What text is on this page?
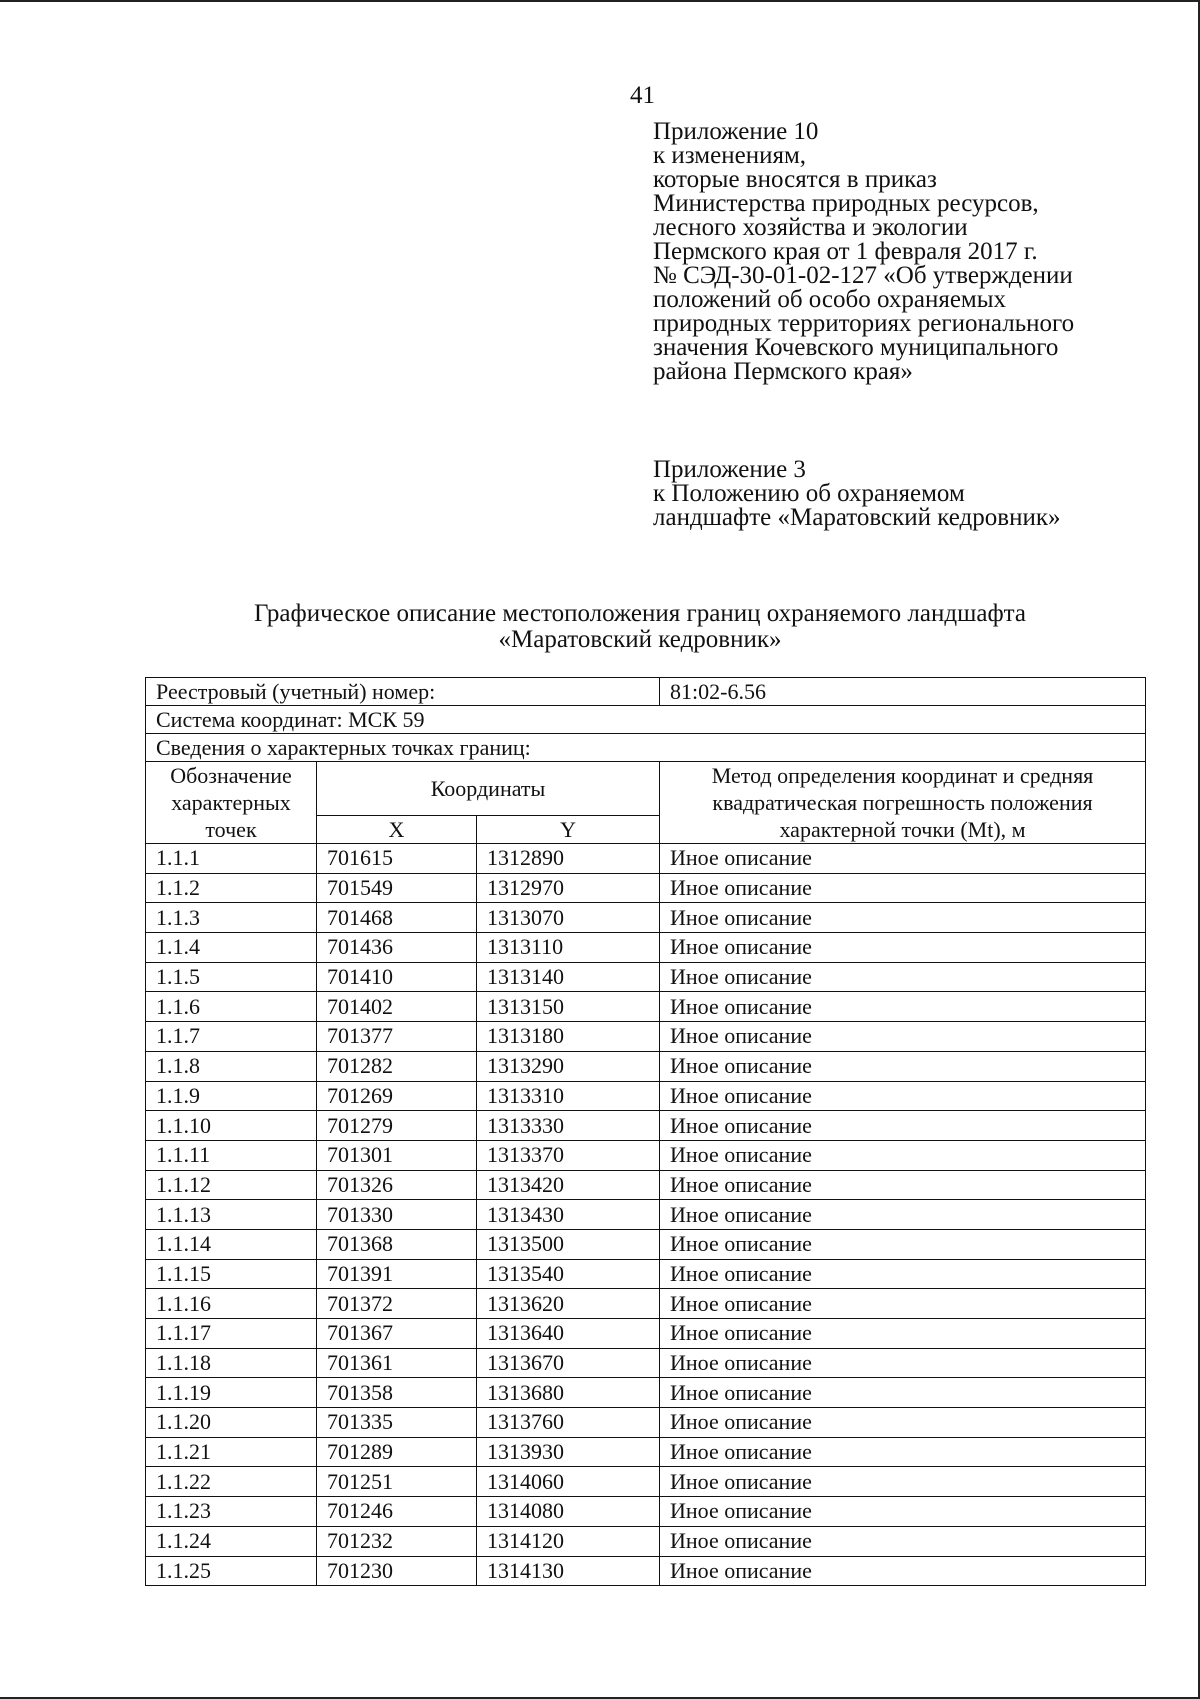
41
Приложение 10
к изменениям,
которые вносятся в приказ
Министерства природных ресурсов,
лесного хозяйства и экологии
Пермского края от 1 февраля 2017 г.
№ СЭД-30-01-02-127 «Об утверждении
положений об особо охраняемых
природных территориях регионального
значения Кочевского муниципального
района Пермского края»
Приложение 3
к Положению об охраняемом
ландшафте «Маратовский кедровник»
Графическое описание местоположения границ охраняемого ландшафта
«Маратовский кедровник»
Реестровый (учетный) номер:			81:02-6.56
Система координат: МСК 59			
Сведения о характерных точках границ:			
Обозначение характерных точек	Координаты		Метод определения координат и средняя квадратическая погрешность положения характерной точки (Mt), м
	X	Y	
1.1.1	701615	1312890	Иное описание
1.1.2	701549	1312970	Иное описание
1.1.3	701468	1313070	Иное описание
1.1.4	701436	1313110	Иное описание
1.1.5	701410	1313140	Иное описание
1.1.6	701402	1313150	Иное описание
1.1.7	701377	1313180	Иное описание
1.1.8	701282	1313290	Иное описание
1.1.9	701269	1313310	Иное описание
1.1.10	701279	1313330	Иное описание
1.1.11	701301	1313370	Иное описание
1.1.12	701326	1313420	Иное описание
1.1.13	701330	1313430	Иное описание
1.1.14	701368	1313500	Иное описание
1.1.15	701391	1313540	Иное описание
1.1.16	701372	1313620	Иное описание
1.1.17	701367	1313640	Иное описание
1.1.18	701361	1313670	Иное описание
1.1.19	701358	1313680	Иное описание
1.1.20	701335	1313760	Иное описание
1.1.21	701289	1313930	Иное описание
1.1.22	701251	1314060	Иное описание
1.1.23	701246	1314080	Иное описание
1.1.24	701232	1314120	Иное описание
1.1.25	701230	1314130	Иное описание
